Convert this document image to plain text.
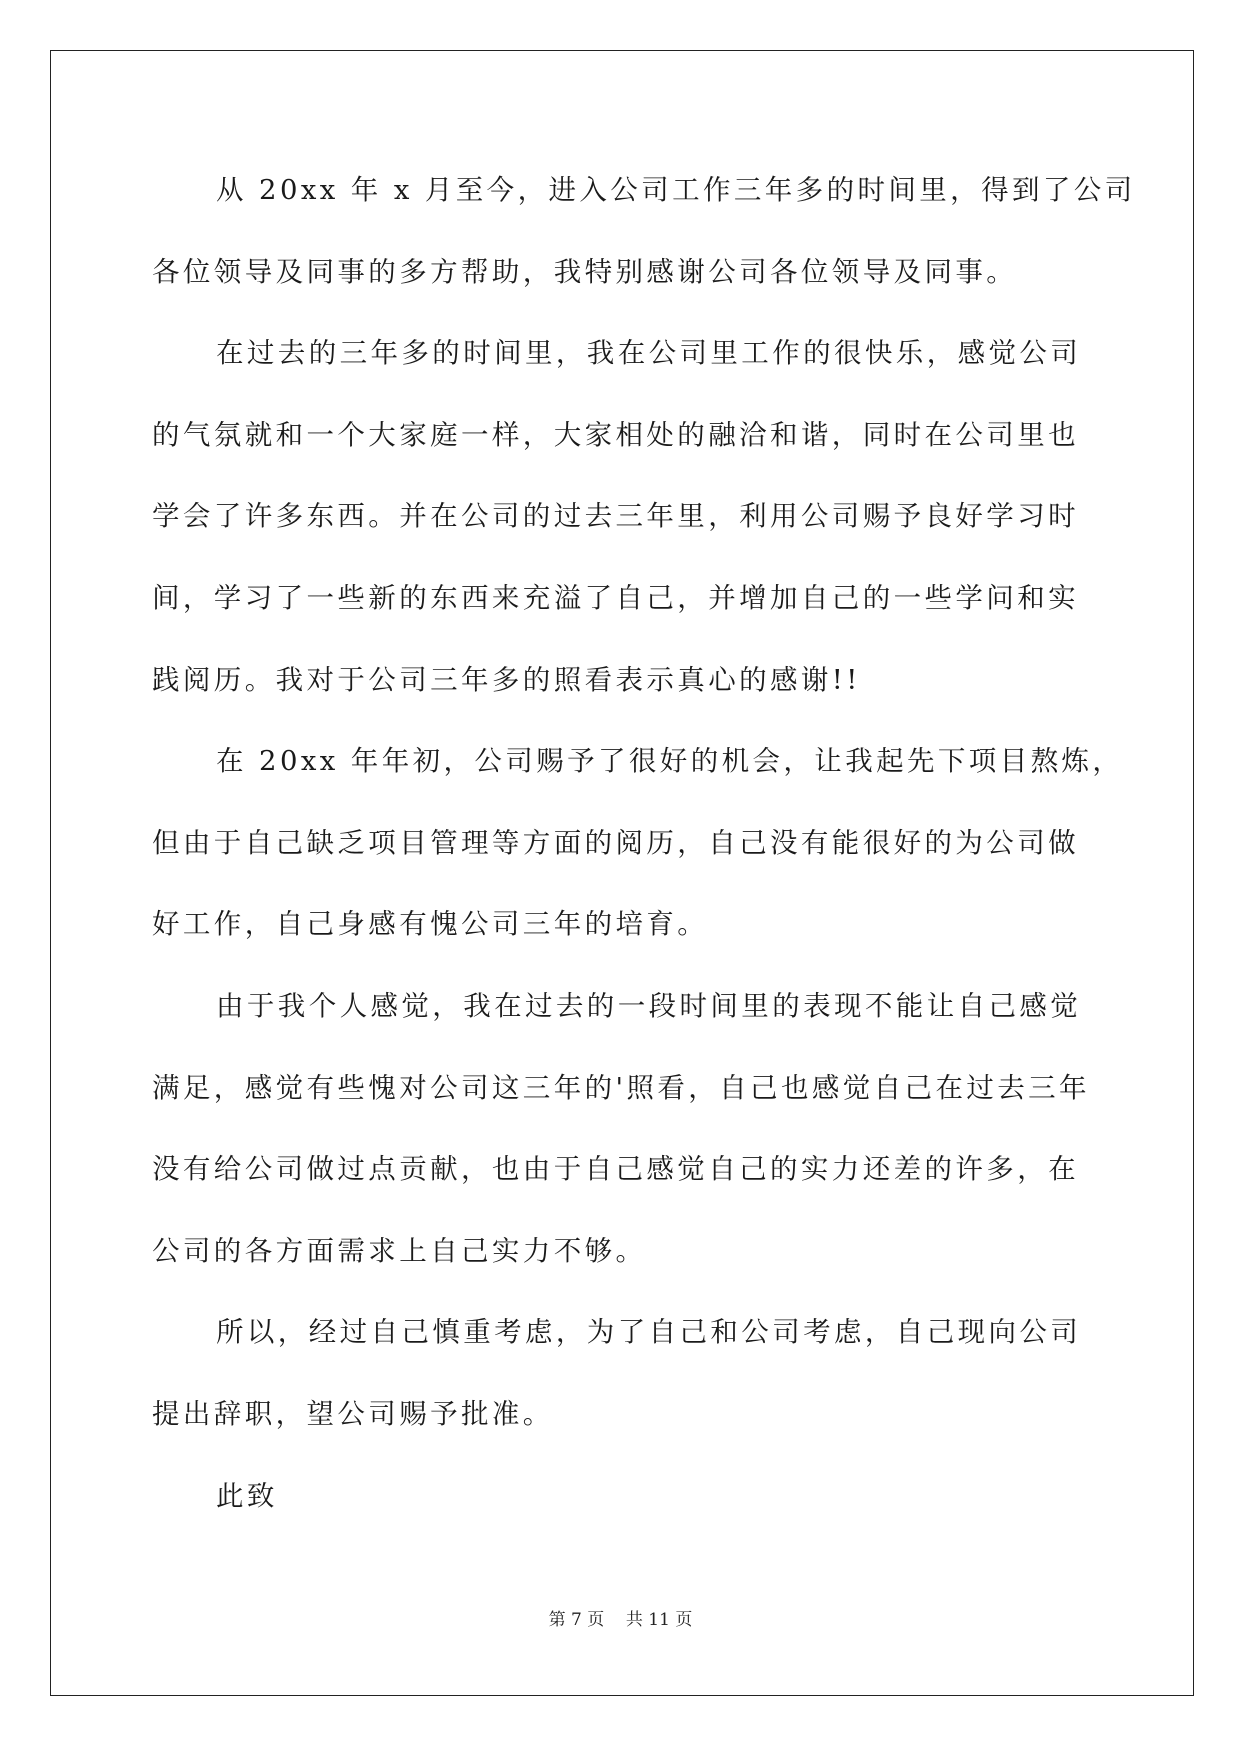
从 20xx 年 x 月至今，进入公司工作三年多的时间里，得到了公司
各位领导及同事的多方帮助，我特别感谢公司各位领导及同事。
在过去的三年多的时间里，我在公司里工作的很快乐，感觉公司
的气氛就和一个大家庭一样，大家相处的融洽和谐，同时在公司里也
学会了许多东西。并在公司的过去三年里，利用公司赐予良好学习时
间，学习了一些新的东西来充溢了自己，并增加自己的一些学问和实
践阅历。我对于公司三年多的照看表示真心的感谢!!
在 20xx 年年初，公司赐予了很好的机会，让我起先下项目熬炼，
但由于自己缺乏项目管理等方面的阅历，自己没有能很好的为公司做
好工作，自己身感有愧公司三年的培育。
由于我个人感觉，我在过去的一段时间里的表现不能让自己感觉
满足，感觉有些愧对公司这三年的'照看，自己也感觉自己在过去三年
没有给公司做过点贡献，也由于自己感觉自己的实力还差的许多，在
公司的各方面需求上自己实力不够。
所以，经过自己慎重考虑，为了自己和公司考虑，自己现向公司
提出辞职，望公司赐予批准。
此致
第 7 页    共 11 页
